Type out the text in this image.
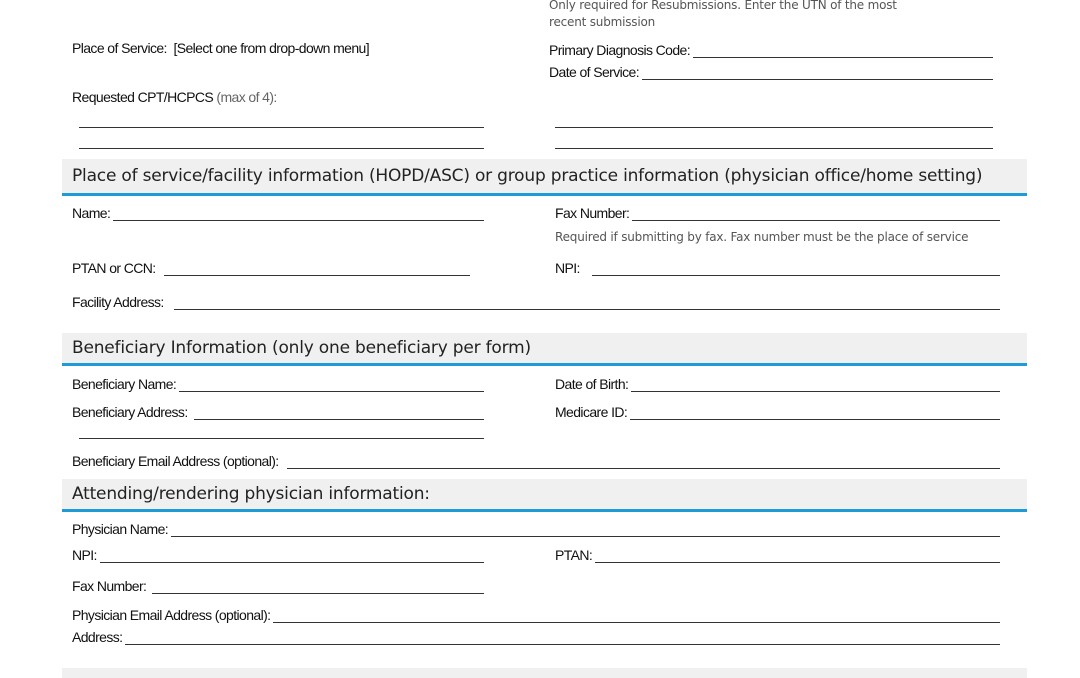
Only required for Resubmissions. Enter the UTN of the most
recent submission
Place of Service: [Select one from drop-down menu]	Primary Diagnosis Code:
Date of Service:
Requested CPT/HCPCS (max of 4):
Place of service/facility information (HOPD/ASC) or group practice information (physician office/home setting)
Name:	Fax Number:
Required if submitting by fax. Fax number must be the place of service
PTAN or CCN:	NPI:
Facility Address:
Beneficiary Information (only one beneficiary per form)
Beneficiary Name:	Date of Birth:
Beneficiary Address:	Medicare ID:
Beneficiary Email Address (optional):
Attending/rendering physician information:
Physician Name:
NPI:	PTAN:
Fax Number:
Physician Email Address (optional):
Address:
